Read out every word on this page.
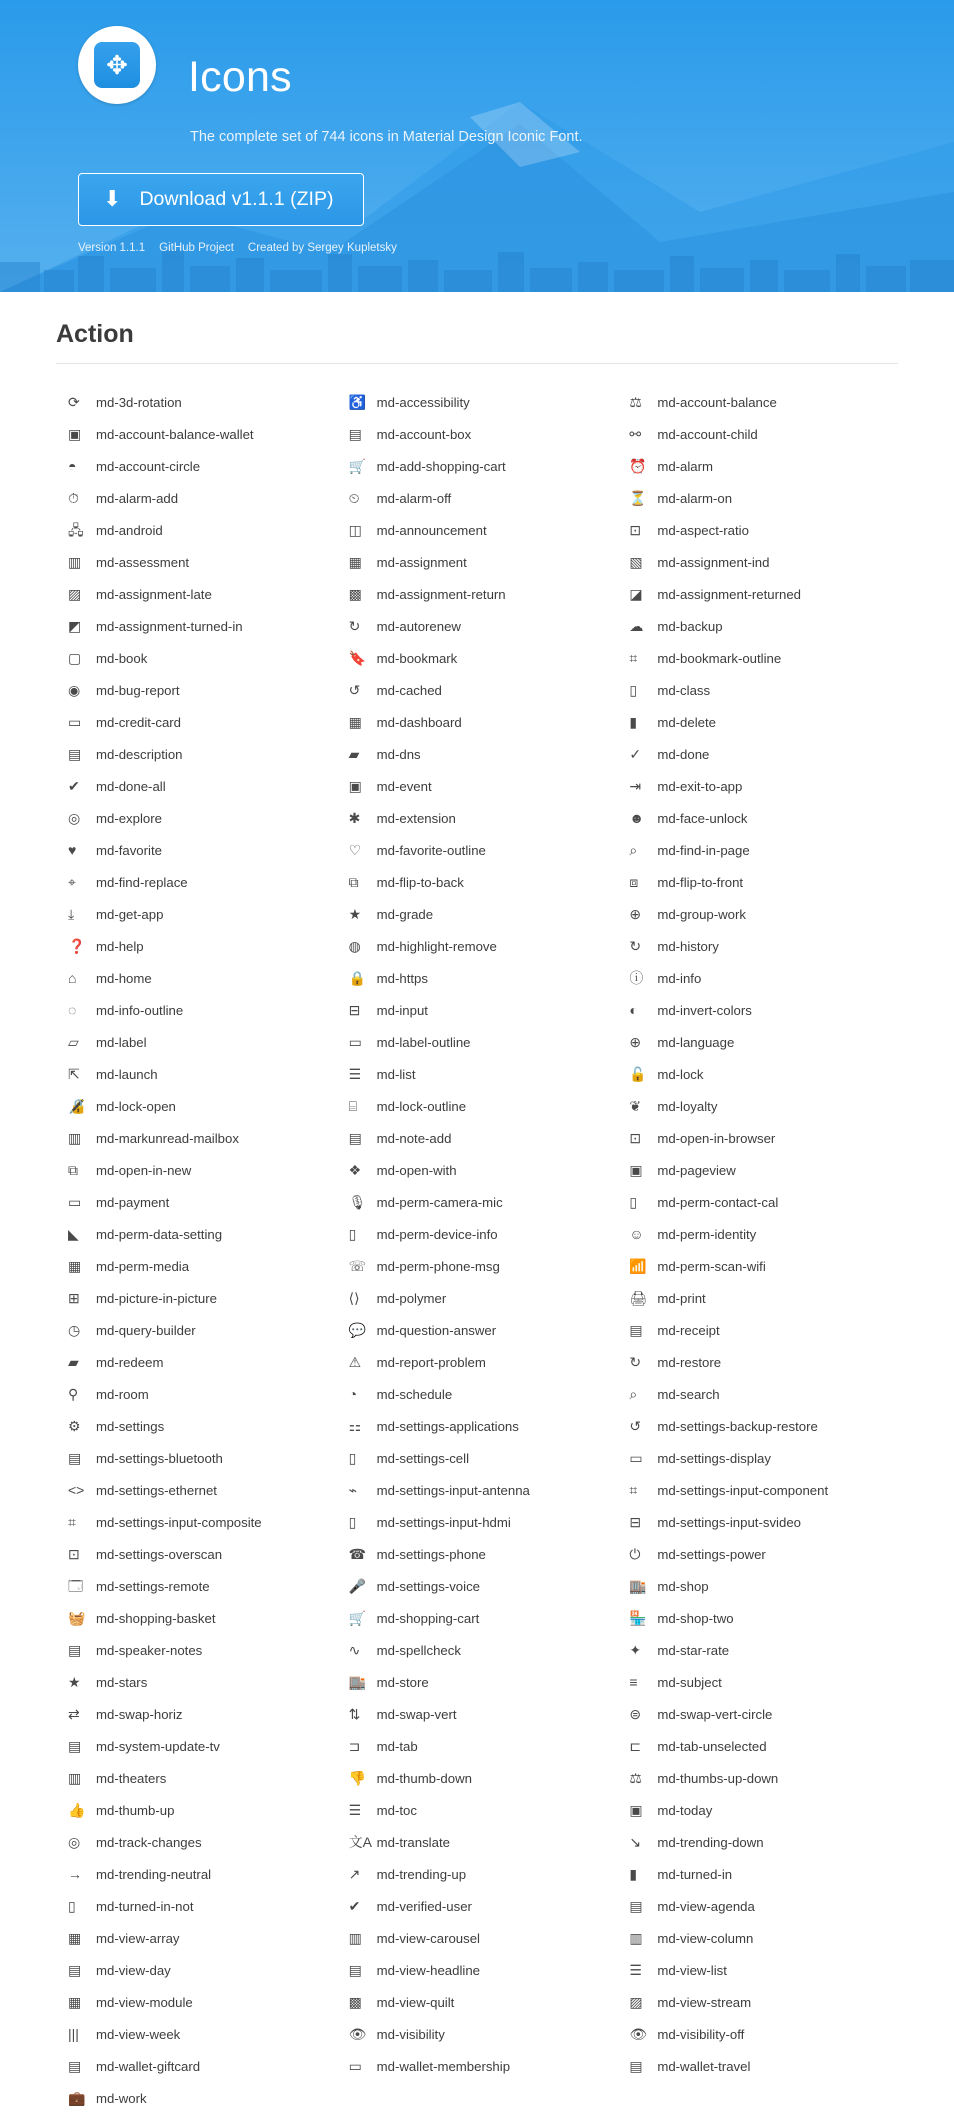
✥ Icons
The complete set of 744 icons in Material Design Iconic Font.
⬇ Download v1.1.1 (ZIP)
Version 1.1.1 GitHub Project Created by Sergey Kupletsky
Action
⟳	md-3d-rotation	♿ md-accessibility	⚖	md-account-balance
▣	md-account-balance-wallet	▤	md-account-box	⚯	md-account-child
◓	md-account-circle	🛒 md-add-shopping-cart	⏰ md-alarm
⏱	md-alarm-add	⏲	md-alarm-off	⏳ md-alarm-on
🖧 md-android	◫	md-announcement	⊡	md-aspect-ratio
▥	md-assessment	▦	md-assignment	▧	md-assignment-ind
▨	md-assignment-late	▩	md-assignment-return	◪	md-assignment-returned
◩	md-assignment-turned-in	↻	md-autorenew	☁	md-backup
▢	md-book	🔖 md-bookmark	⌗	md-bookmark-outline
◉	md-bug-report	↺	md-cached	▯	md-class
▭	md-credit-card	▦	md-dashboard	▮	md-delete
▤	md-description	▰	md-dns	✓	md-done
✔	md-done-all	▣	md-event	⇥	md-exit-to-app
◎	md-explore	✱	md-extension	☻	md-face-unlock
♥	md-favorite	♡	md-favorite-outline	⌕	md-find-in-page
⌖	md-find-replace	⧉	md-flip-to-back	⧈	md-flip-to-front
⤓	md-get-app	★	md-grade	⊕	md-group-work
❓ md-help	◍	md-highlight-remove	↻	md-history
⌂	md-home	🔒 md-https	ⓘ	md-info
◌	md-info-outline	⊟	md-input	◐	md-invert-colors
▱	md-label	▭	md-label-outline	⊕	md-language
⇱	md-launch	☰	md-list	🔓 md-lock
🔏 md-lock-open	⌸	md-lock-outline	❦	md-loyalty
▥	md-markunread-mailbox	▤	md-note-add	⊡	md-open-in-browser
⧉	md-open-in-new	❖	md-open-with	▣	md-pageview
▭	md-payment	🎙 md-perm-camera-mic	▯	md-perm-contact-cal
◣	md-perm-data-setting	▯	md-perm-device-info	☺	md-perm-identity
▦	md-perm-media	☏ md-perm-phone-msg	📶 md-perm-scan-wifi
⊞	md-picture-in-picture	⟨⟩	md-polymer	🖨 md-print
◷	md-query-builder	💬 md-question-answer	▤	md-receipt
▰	md-redeem	⚠	md-report-problem	↻	md-restore
⚲	md-room	◔	md-schedule	⌕	md-search
⚙	md-settings	⚏	md-settings-applications	↺	md-settings-backup-restore
▤	md-settings-bluetooth	▯	md-settings-cell	▭	md-settings-display
<> md-settings-ethernet	⌁	md-settings-input-antenna	⌗	md-settings-input-component
⌗	md-settings-input-composite	▯	md-settings-input-hdmi	⊟	md-settings-input-svideo
⊡	md-settings-overscan	☎ md-settings-phone	⏻	md-settings-power
🗔 md-settings-remote	🎤 md-settings-voice	🏬 md-shop
🧺 md-shopping-basket	🛒 md-shopping-cart	🏪 md-shop-two
▤	md-speaker-notes	∿	md-spellcheck	✦	md-star-rate
★	md-stars	🏬 md-store	≡	md-subject
⇄	md-swap-horiz	⇅	md-swap-vert	⊜	md-swap-vert-circle
▤	md-system-update-tv	⊐	md-tab	⊏	md-tab-unselected
▥	md-theaters	👎 md-thumb-down	⚖	md-thumbs-up-down
👍 md-thumb-up	☰	md-toc	▣	md-today
◎	md-track-changes	文A md-translate	↘	md-trending-down
→	md-trending-neutral	↗	md-trending-up	▮	md-turned-in
▯	md-turned-in-not	✔	md-verified-user	▤	md-view-agenda
▦	md-view-array	▥	md-view-carousel	▥	md-view-column
▤	md-view-day	▤	md-view-headline	☰	md-view-list
▦	md-view-module	▩	md-view-quilt	▨	md-view-stream
|||	md-view-week	👁 md-visibility	👁 md-visibility-off
▤	md-wallet-giftcard	▭	md-wallet-membership	▤	md-wallet-travel
💼 md-work
